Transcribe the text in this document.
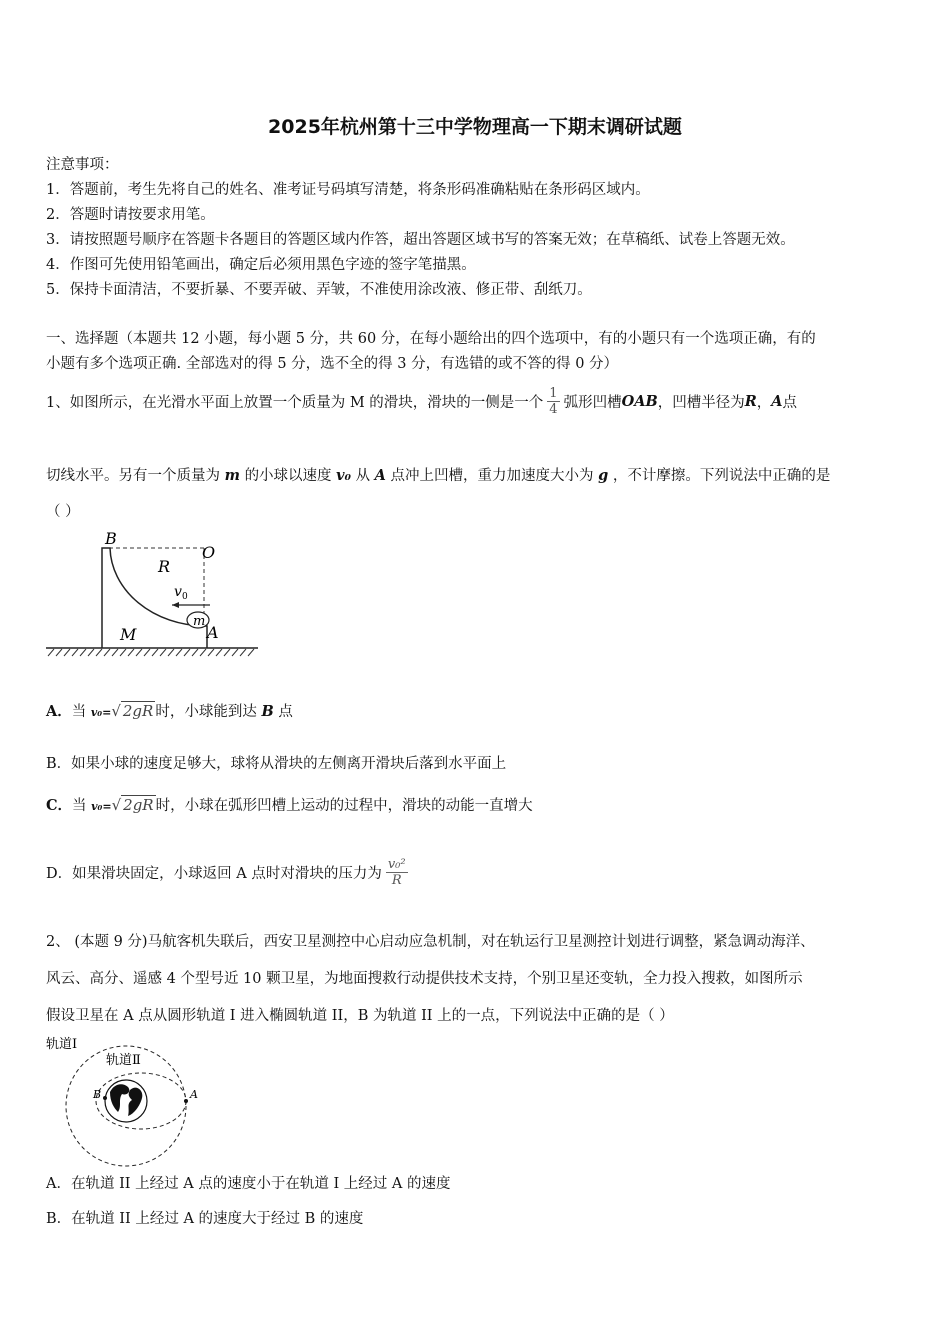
2025年杭州第十三中学物理高一下期末调研试题
注意事项：
1．答题前，考生先将自己的姓名、准考证号码填写清楚，将条形码准确粘贴在条形码区域内。
2．答题时请按要求用笔。
3．请按照题号顺序在答题卡各题目的答题区域内作答，超出答题区域书写的答案无效；在草稿纸、试卷上答题无效。
4．作图可先使用铅笔画出，确定后必须用黑色字迹的签字笔描黑。
5．保持卡面清洁，不要折暴、不要弄破、弄皱，不准使用涂改液、修正带、刮纸刀。
一、选择题（本题共 12 小题，每小题 5 分，共 60 分，在每小题给出的四个选项中，有的小题只有一个选项正确，有的
小题有多个选项正确. 全部选对的得 5 分，选不全的得 3 分，有选错的或不答的得 0 分）
1、如图所示，在光滑水平面上放置一个质量为 M 的滑块，滑块的一侧是一个 $\frac{1}{4}$ 弧形凹槽 OAB ，凹槽半径为 R ， A 点
切线水平。另有一个质量为 m 的小球以速度 v₀ 从 A 点冲上凹槽，重力加速度大小为 g ，不计摩擦。下列说法中正确的是
（ ）
m
v 0
B
O
R
M	A
A．当 v₀=√ 2gR 时，小球能到达 B 点
B．如果小球的速度足够大，球将从滑块的左侧离开滑块后落到水平面上
C．当 v₀=√ 2gR 时，小球在弧形凹槽上运动的过程中，滑块的动能一直增大
D．如果滑块固定，小球返回 A 点时对滑块的压力为 $\frac{\text{v₀²}}{R}$
2、 (本题 9 分)马航客机失联后，西安卫星测控中心启动应急机制，对在轨运行卫星测控计划进行调整，紧急调动海洋、
风云、高分、遥感 4 个型号近 10 颗卫星，为地面搜救行动提供技术支持，个别卫星还变轨，全力投入搜救，如图所示
假设卫星在 A 点从圆形轨道 I 进入椭圆轨道 II，B 为轨道 II 上的一点，下列说法中正确的是（ ）
轨道Ⅰ
轨道Ⅱ
B	A
A．在轨道 II 上经过 A 点的速度小于在轨道 I 上经过 A 的速度
B．在轨道 II 上经过 A 的速度大于经过 B 的速度
